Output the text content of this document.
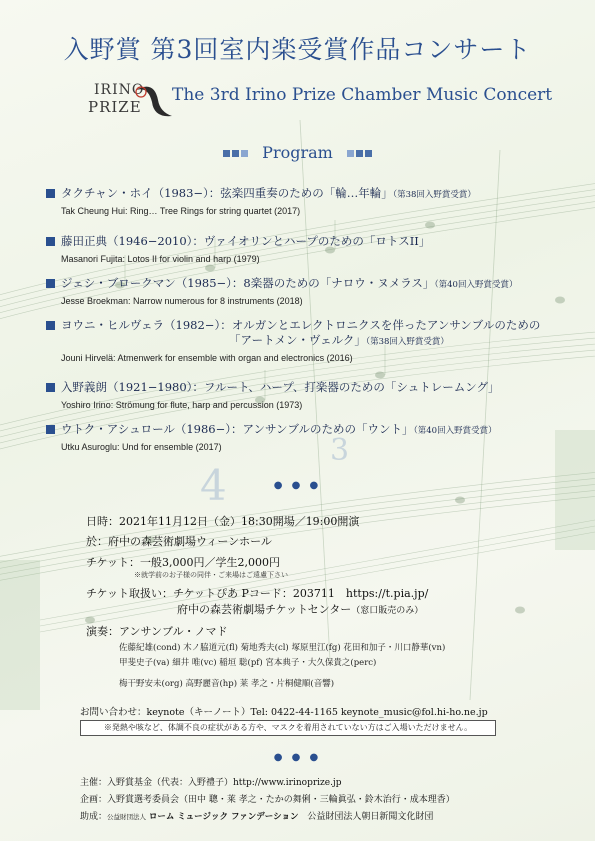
4
3
入野賞 第3回室内楽受賞作品コンサート
IRINO
PRIZE
The 3rd Irino Prize Chamber Music Concert
Program
タクチャン・ホイ（1983−）：弦楽四重奏のための「輪…年輪」（第38回入野賞受賞）
Tak Cheung Hui: Ring… Tree Rings for string quartet (2017)
藤田正典（1946−2010）：ヴァイオリンとハープのための「ロトスII」
Masanori Fujita: Lotos II for violin and harp (1979)
ジェシ・ブロークマン（1985−）：8楽器のための「ナロウ・ヌメラス」（第40回入野賞受賞）
Jesse Broekman: Narrow numerous for 8 instruments (2018)
ヨウニ・ヒルヴェラ（1982−）：オルガンとエレクトロニクスを伴ったアンサンブルのための
「アートメン・ヴェルク」（第38回入野賞受賞）
Jouni Hirvelä: Atmenwerk for ensemble with organ and electronics (2016)
入野義朗（1921−1980）：フルート、ハープ、打楽器のための「シュトレームング」
Yoshiro Irino: Strömung for flute, harp and percussion (1973)
ウトク・アシュロール（1986−）：アンサンブルのための「ウント」（第40回入野賞受賞）
Utku Asuroglu: Und for ensemble (2017)
● ● ●
日時：2021年11月12日（金）18:30開場／19:00開演
於：府中の森芸術劇場ウィーンホール
チケット：一般3,000円／学生2,000円
※就学前のお子様の同伴・ご来場はご遠慮下さい
チケット取扱い：チケットぴあ Pコード：203711　https://t.pia.jp/
府中の森芸術劇場チケットセンター（窓口販売のみ）
演奏：アンサンブル・ノマド
佐藤紀雄(cond) 木ノ脇道元(fl) 菊地秀夫(cl) 塚原里江(fg) 花田和加子・川口静華(vn)
甲斐史子(va) 細井 唯(vc) 稲垣 聡(pf) 宮本典子・大久保貴之(perc)
梅干野安未(org) 高野麗音(hp) 莱 孝之・片桐健順(音響)
お問い合わせ：keynote（キーノート）Tel: 0422-44-1165 keynote_music@fol.hi-ho.ne.jp
※発熱や咳など、体調不良の症状がある方や、マスクを着用されていない方はご入場いただけません。
● ● ●
主催：入野賞基金（代表：入野禮子）http://www.irinoprize.jp
企画：入野賞選考委員会（田中 聰・莱 孝之・たかの舞俐・三輪眞弘・鈴木治行・成本理香）
助成：公益財団法人 ローム ミュージック ファンデーション 公益財団法人朝日新聞文化財団
